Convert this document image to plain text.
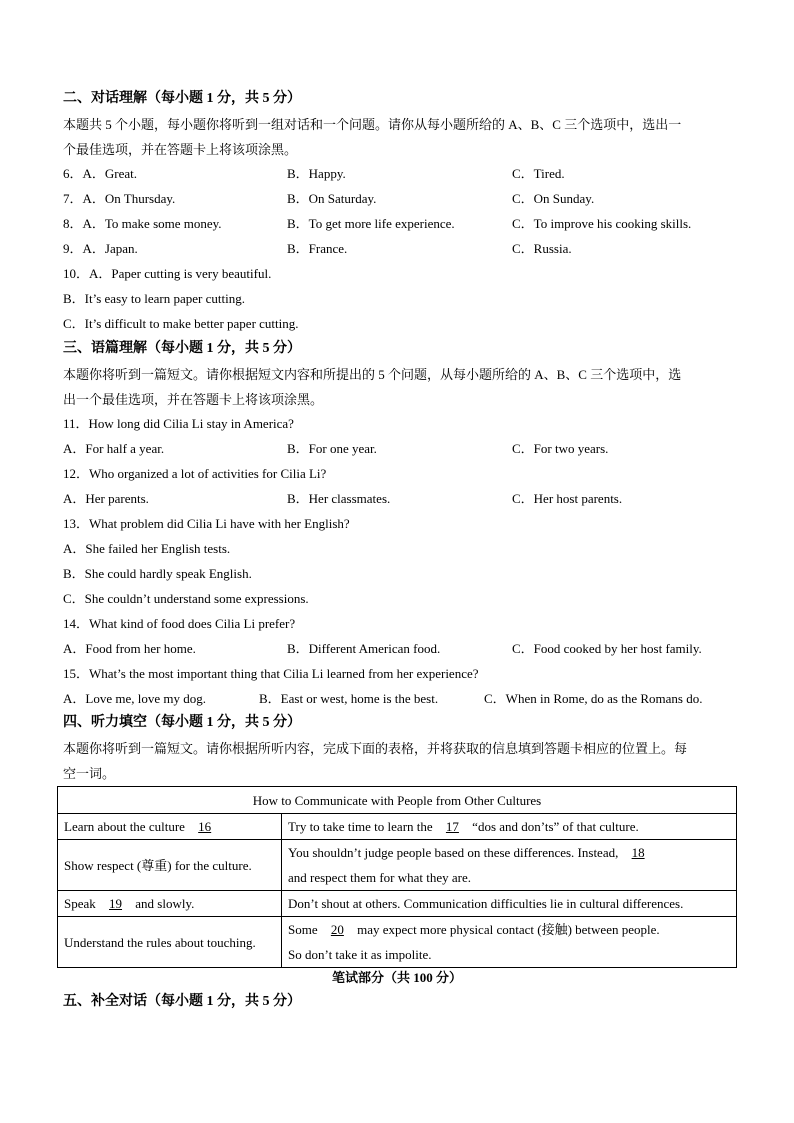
二、对话理解（每小题 1 分，共 5 分）
本题共 5 个小题，每小题你将听到一组对话和一个问题。请你从每小题所给的 A、B、C 三个选项中，选出一
个最佳选项，并在答题卡上将该项涂黑。
6．A．Great.	B．Happy.	C．Tired.
7．A．On Thursday.	B．On Saturday.	C．On Sunday.
8．A．To make some money.	B．To get more life experience.	C．To improve his cooking skills.
9．A．Japan.	B．France.	C．Russia.
10．A．Paper cutting is very beautiful.
B．It’s easy to learn paper cutting.
C．It’s difficult to make better paper cutting.
三、语篇理解（每小题 1 分，共 5 分）
本题你将听到一篇短文。请你根据短文内容和所提出的 5 个问题，从每小题所给的 A、B、C 三个选项中，选
出一个最佳选项，并在答题卡上将该项涂黑。
11．How long did Cilia Li stay in America?
A．For half a year.	B．For one year.	C．For two years.
12．Who organized a lot of activities for Cilia Li?
A．Her parents.	B．Her classmates.	C．Her host parents.
13．What problem did Cilia Li have with her English?
A．She failed her English tests.
B．She could hardly speak English.
C．She couldn’t understand some expressions.
14．What kind of food does Cilia Li prefer?
A．Food from her home.	B．Different American food.	C．Food cooked by her host family.
15．What’s the most important thing that Cilia Li learned from her experience?
A．Love me, love my dog.	B．East or west, home is the best.	C．When in Rome, do as the Romans do.
四、听力填空（每小题 1 分，共 5 分）
本题你将听到一篇短文。请你根据所听内容，完成下面的表格，并将获取的信息填到答题卡相应的位置上。每
空一词。
How to Communicate with People from Other Cultures	
Learn about the culture 16	Try to take time to learn the 17 “dos and don’ts” of that culture.
Show respect (尊重) for the culture.	You shouldn’t judge people based on these differences. Instead, 18
and respect them for what they are.

Speak 19 and slowly.	Don’t shout at others. Communication difficulties lie in cultural differences.
Understand the rules about touching.	Some 20 may expect more physical contact (接触) between people.
So don’t take it as impolite.
笔试部分（共 100 分）
五、补全对话（每小题 1 分，共 5 分）
